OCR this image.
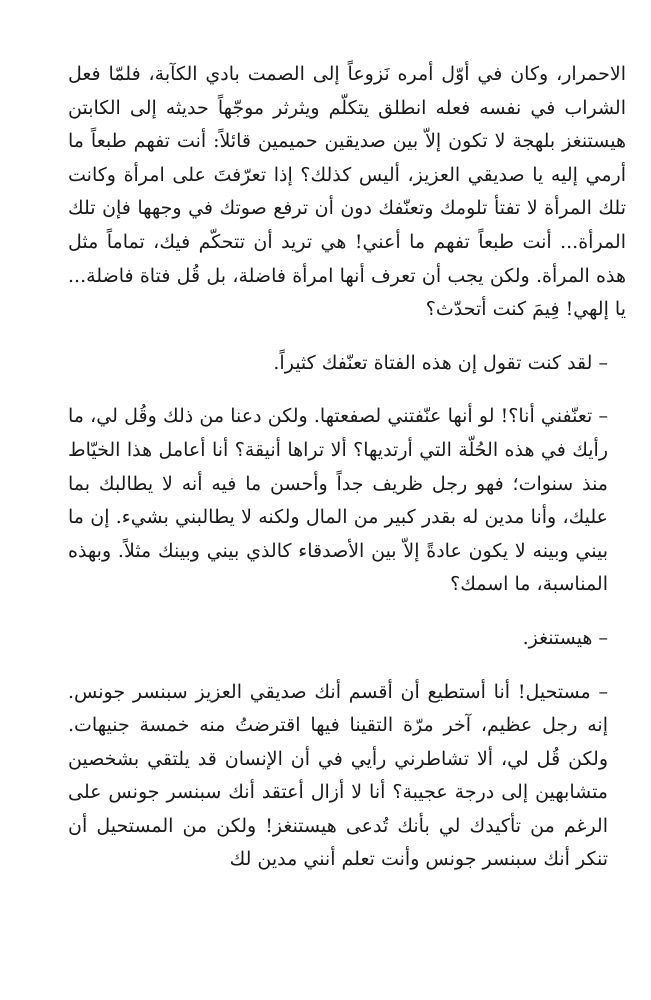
الاحمرار، وكان في أوّل أمره نَزوعاً إلى الصمت بادي الكآبة، فلمّا فعل الشراب في نفسه فعله انطلق يتكلّم ويثرثر موجّهاً حديثه إلى الكابتن هيستنغز بلهجة لا تكون إلاّ بين صديقين حميمين قائلاً: أنت تفهم طبعاً ما أرمي إليه يا صديقي العزيز، أليس كذلك؟ إذا تعرّفتَ على امرأة وكانت تلك المرأة لا تفتأ تلومك وتعنّفك دون أن ترفع صوتك في وجهها فإن تلك المرأة... أنت طبعاً تفهم ما أعني! هي تريد أن تتحكّم فيك، تماماً مثل هذه المرأة. ولكن يجب أن تعرف أنها امرأة فاضلة، بل قُل فتاة فاضلة... يا إلهي! فِيمَ كنت أتحدّث؟

– لقد كنت تقول إن هذه الفتاة تعنّفك كثيراً.

– تعنّفني أنا؟! لو أنها عنّفتني لصفعتها. ولكن دعنا من ذلك وقُل لي، ما رأيك في هذه الحُلّة التي أرتديها؟ ألا تراها أنيقة؟ أنا أعامل هذا الخيّاط منذ سنوات؛ فهو رجل ظريف جداً وأحسن ما فيه أنه لا يطالبك بما عليك، وأنا مدين له بقدر كبير من المال ولكنه لا يطالبني بشيء. إن ما بيني وبينه لا يكون عادةً إلاّ بين الأصدقاء كالذي بيني وبينك مثلاً. وبهذه المناسبة، ما اسمك؟

– هيستنغز.

– مستحيل! أنا أستطيع أن أقسم أنك صديقي العزيز سبنسر جونس. إنه رجل عظيم، آخر مرّة التقينا فيها اقترضتُ منه خمسة جنيهات. ولكن قُل لي، ألا تشاطرني رأيي في أن الإنسان قد يلتقي بشخصين متشابهين إلى درجة عجيبة؟ أنا لا أزال أعتقد أنك سبنسر جونس على الرغم من تأكيدك لي بأنك تُدعى هيستنغز! ولكن من المستحيل أن تنكر أنك سبنسر جونس وأنت تعلم أنني مدين لك
